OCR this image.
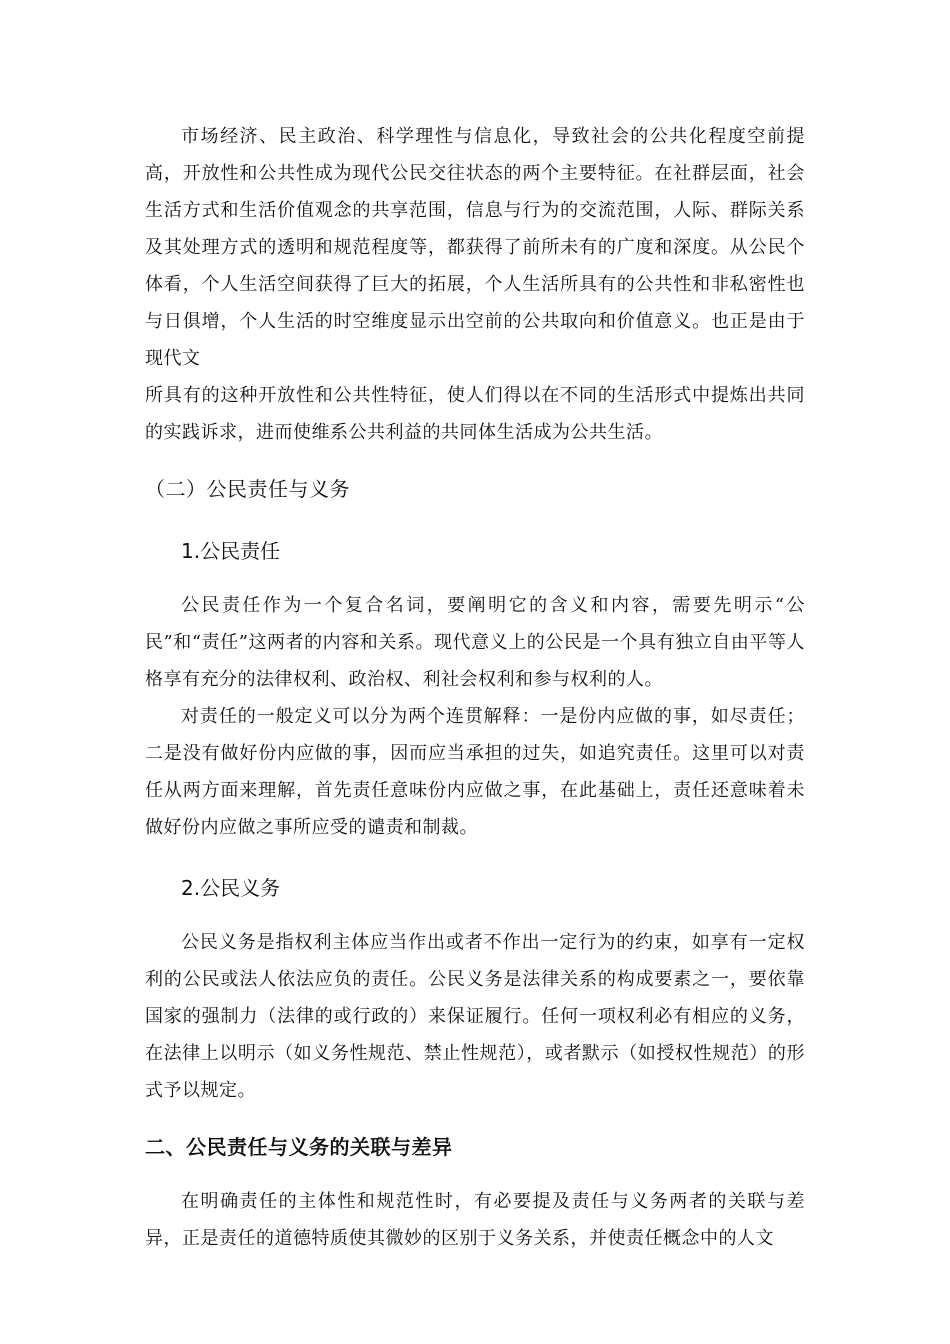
市场经济、民主政治、科学理性与信息化，导致社会的公共化程度空前提高，开放性和公共性成为现代公民交往状态的两个主要特征。在社群层面，社会生活方式和生活价值观念的共享范围，信息与行为的交流范围，人际、群际关系及其处理方式的透明和规范程度等，都获得了前所未有的广度和深度。从公民个体看，个人生活空间获得了巨大的拓展，个人生活所具有的公共性和非私密性也与日俱增，个人生活的时空维度显示出空前的公共取向和价值意义。也正是由于现代文

所具有的这种开放性和公共性特征，使人们得以在不同的生活形式中提炼出共同的实践诉求，进而使维系公共利益的共同体生活成为公共生活。

（二）公民责任与义务
1.公民责任

公民责任作为一个复合名词，要阐明它的含义和内容，需要先明示“公民”和“责任”这两者的内容和关系。现代意义上的公民是一个具有独立自由平等人格享有充分的法律权利、政治权、利社会权利和参与权利的人。

对责任的一般定义可以分为两个连贯解释：一是份内应做的事，如尽责任；二是没有做好份内应做的事，因而应当承担的过失，如追究责任。这里可以对责任从两方面来理解，首先责任意味份内应做之事，在此基础上，责任还意味着未做好份内应做之事所应受的谴责和制裁。

2.公民义务

公民义务是指权利主体应当作出或者不作出一定行为的约束，如享有一定权利的公民或法人依法应负的责任。公民义务是法律关系的构成要素之一，要依靠国家的强制力（法律的或行政的）来保证履行。任何一项权利必有相应的义务，在法律上以明示（如义务性规范、禁止性规范），或者默示（如授权性规范）的形式予以规定。

二、公民责任与义务的关联与差异

在明确责任的主体性和规范性时，有必要提及责任与义务两者的关联与差异，正是责任的道德特质使其微妙的区别于义务关系，并使责任概念中的人文
